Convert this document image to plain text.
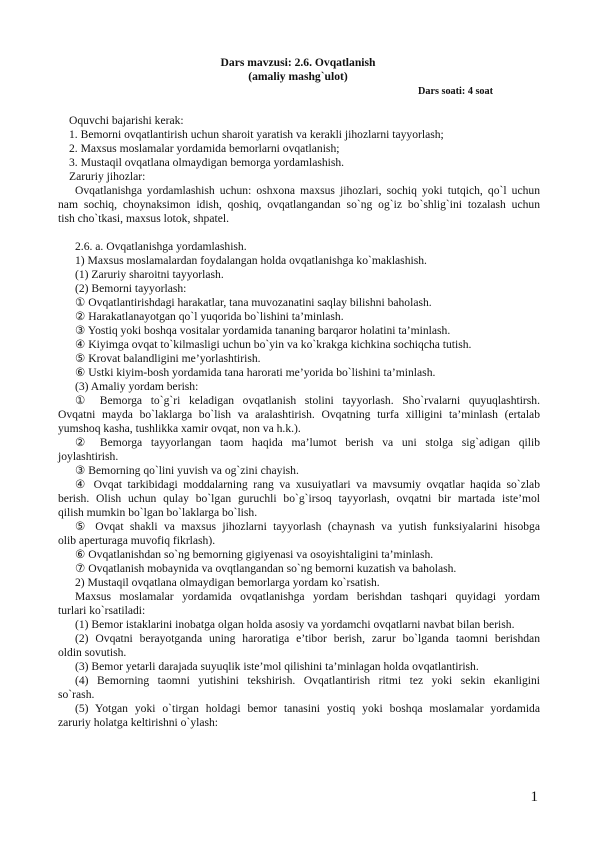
Dars mavzusi: 2.6. Ovqatlanish
(amaliy mashg`ulot)
Dars soati: 4 soat
Oquvchi bajarishi kerak:
1. Bemorni ovqatlantirish uchun sharoit yaratish va kerakli jihozlarni tayyorlash;
2. Maxsus moslamalar yordamida bemorlarni ovqatlanish;
3. Mustaqil ovqatlana olmaydigan bemorga yordamlashish.
Zaruriy jihozlar:
Ovqatlanishga yordamlashish uchun: oshxona maxsus jihozlari, sochiq yoki tutqich, qo`l uchun
nam sochiq, choynaksimon idish, qoshiq, ovqatlangandan so`ng og`iz bo`shlig`ini tozalash uchun
tish cho`tkasi, maxsus lotok, shpatel.
2.6. a. Ovqatlanishga yordamlashish.
1) Maxsus moslamalardan foydalangan holda ovqatlanishga ko`maklashish.
(1) Zaruriy sharoitni tayyorlash.
(2) Bemorni tayyorlash:
① Ovqatlantirishdagi harakatlar, tana muvozanatini saqlay bilishni baholash.
② Harakatlanayotgan qo`l yuqorida bo`lishini ta’minlash.
③ Yostiq yoki boshqa vositalar yordamida tananing barqaror holatini ta’minlash.
④ Kiyimga ovqat to`kilmasligi uchun bo`yin va ko`krakga kichkina sochiqcha tutish.
⑤ Krovat balandligini me’yorlashtirish.
⑥ Ustki kiyim-bosh yordamida tana harorati me’yorida bo`lishini ta’minlash.
(3) Amaliy yordam berish:
① Bemorga to`g`ri keladigan ovqatlanish stolini tayyorlash. Sho`rvalarni quyuqlashtirsh.
Ovqatni mayda bo`laklarga bo`lish va aralashtirish. Ovqatning turfa xilligini ta’minlash (ertalab
yumshoq kasha, tushlikka xamir ovqat, non va h.k.).
② Bemorga tayyorlangan taom haqida ma’lumot berish va uni stolga sig`adigan qilib
joylashtirish.
③ Bemorning qo`lini yuvish va og`zini chayish.
④ Ovqat tarkibidagi moddalarning rang va xusuiyatlari va mavsumiy ovqatlar haqida so`zlab
berish. Olish uchun qulay bo`lgan guruchli bo`g`irsoq tayyorlash, ovqatni bir martada iste’mol
qilish mumkin bo`lgan bo`laklarga bo`lish.
⑤ Ovqat shakli va maxsus jihozlarni tayyorlash (chaynash va yutish funksiyalarini hisobga
olib aperturaga muvofiq fikrlash).
⑥ Ovqatlanishdan so`ng bemorning gigiyenasi va osoyishtaligini ta’minlash.
⑦ Ovqatlanish mobaynida va ovqtlangandan so`ng bemorni kuzatish va baholash.
2) Mustaqil ovqatlana olmaydigan bemorlarga yordam ko`rsatish.
Maxsus moslamalar yordamida ovqatlanishga yordam berishdan tashqari quyidagi yordam
turlari ko`rsatiladi:
(1) Bemor istaklarini inobatga olgan holda asosiy va yordamchi ovqatlarni navbat bilan berish.
(2) Ovqatni berayotganda uning haroratiga e’tibor berish, zarur bo`lganda taomni berishdan
oldin sovutish.
(3) Bemor yetarli darajada suyuqlik iste’mol qilishini ta’minlagan holda ovqatlantirish.
(4) Bemorning taomni yutishini tekshirish. Ovqatlantirish ritmi tez yoki sekin ekanligini
so`rash.
(5) Yotgan yoki o`tirgan holdagi bemor tanasini yostiq yoki boshqa moslamalar yordamida
zaruriy holatga keltirishni o`ylash:
1
